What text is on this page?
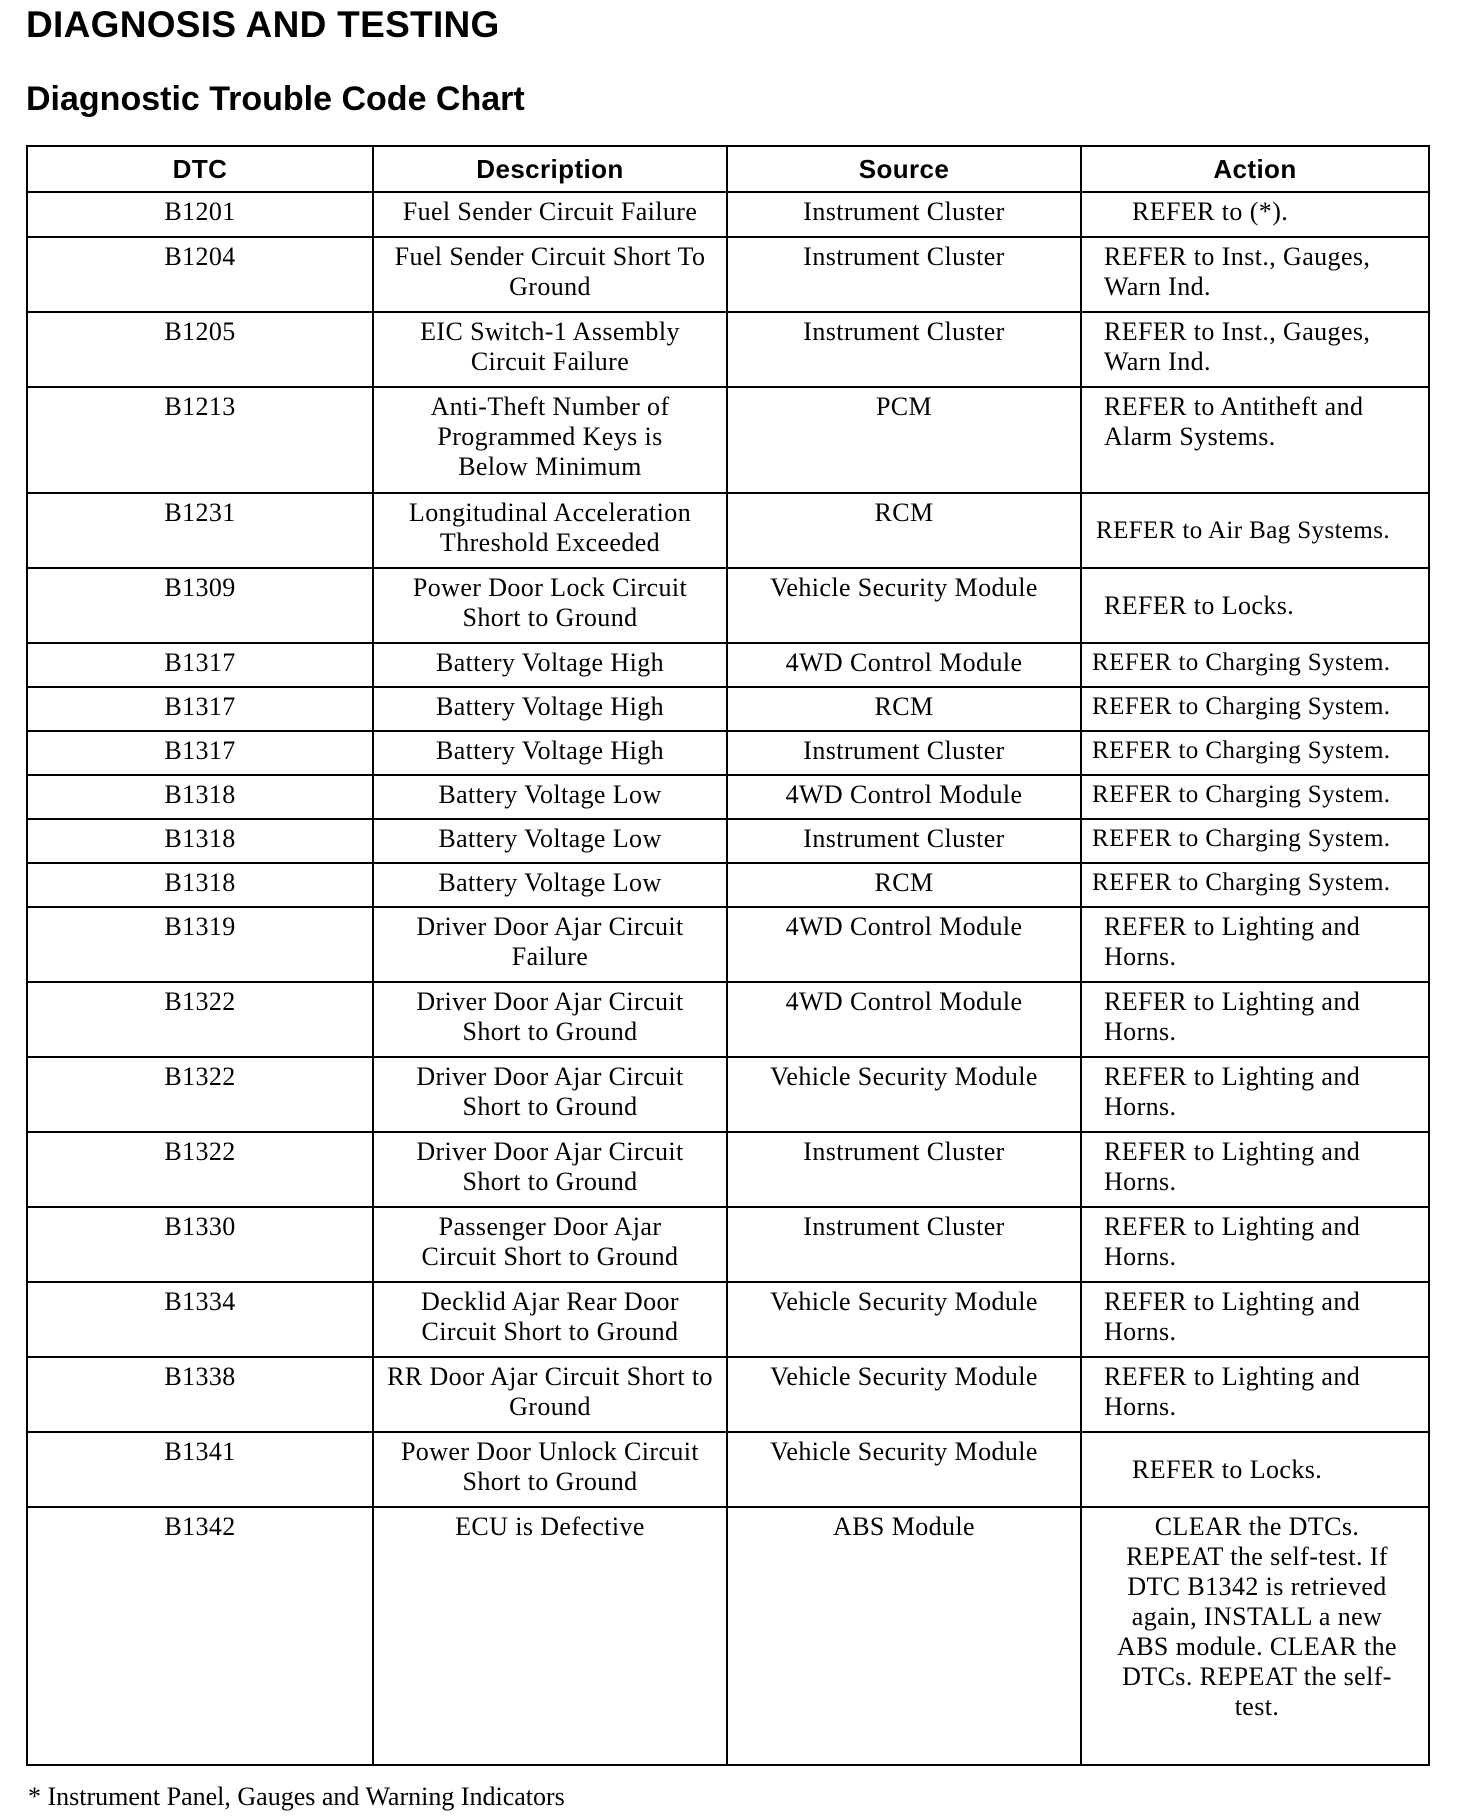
DIAGNOSIS AND TESTING
Diagnostic Trouble Code Chart
DTC	Description	Source	Action
B1201	Fuel Sender Circuit Failure	Instrument Cluster	REFER to (*).
B1204	Fuel Sender Circuit Short To Ground	Instrument Cluster	REFER to Inst., Gauges, Warn Ind.
B1205	EIC Switch-1 Assembly Circuit Failure	Instrument Cluster	REFER to Inst., Gauges, Warn Ind.
B1213	Anti-Theft Number of Programmed Keys is Below Minimum	PCM	REFER to Antitheft and Alarm Systems.
B1231	Longitudinal Acceleration Threshold Exceeded	RCM	REFER to Air Bag Systems.
B1309	Power Door Lock Circuit Short to Ground	Vehicle Security Module	REFER to Locks.
B1317	Battery Voltage High	4WD Control Module	REFER to Charging System.
B1317	Battery Voltage High	RCM	REFER to Charging System.
B1317	Battery Voltage High	Instrument Cluster	REFER to Charging System.
B1318	Battery Voltage Low	4WD Control Module	REFER to Charging System.
B1318	Battery Voltage Low	Instrument Cluster	REFER to Charging System.
B1318	Battery Voltage Low	RCM	REFER to Charging System.
B1319	Driver Door Ajar Circuit Failure	4WD Control Module	REFER to Lighting and Horns.
B1322	Driver Door Ajar Circuit Short to Ground	4WD Control Module	REFER to Lighting and Horns.
B1322	Driver Door Ajar Circuit Short to Ground	Vehicle Security Module	REFER to Lighting and Horns.
B1322	Driver Door Ajar Circuit Short to Ground	Instrument Cluster	REFER to Lighting and Horns.
B1330	Passenger Door Ajar Circuit Short to Ground	Instrument Cluster	REFER to Lighting and Horns.
B1334	Decklid Ajar Rear Door Circuit Short to Ground	Vehicle Security Module	REFER to Lighting and Horns.
B1338	RR Door Ajar Circuit Short to Ground	Vehicle Security Module	REFER to Lighting and Horns.
B1341	Power Door Unlock Circuit Short to Ground	Vehicle Security Module	REFER to Locks.
B1342	ECU is Defective	ABS Module	CLEAR the DTCs. REPEAT the self-test. If DTC B1342 is retrieved again, INSTALL a new ABS module. CLEAR the DTCs. REPEAT the self-test.

* Instrument Panel, Gauges and Warning Indicators
